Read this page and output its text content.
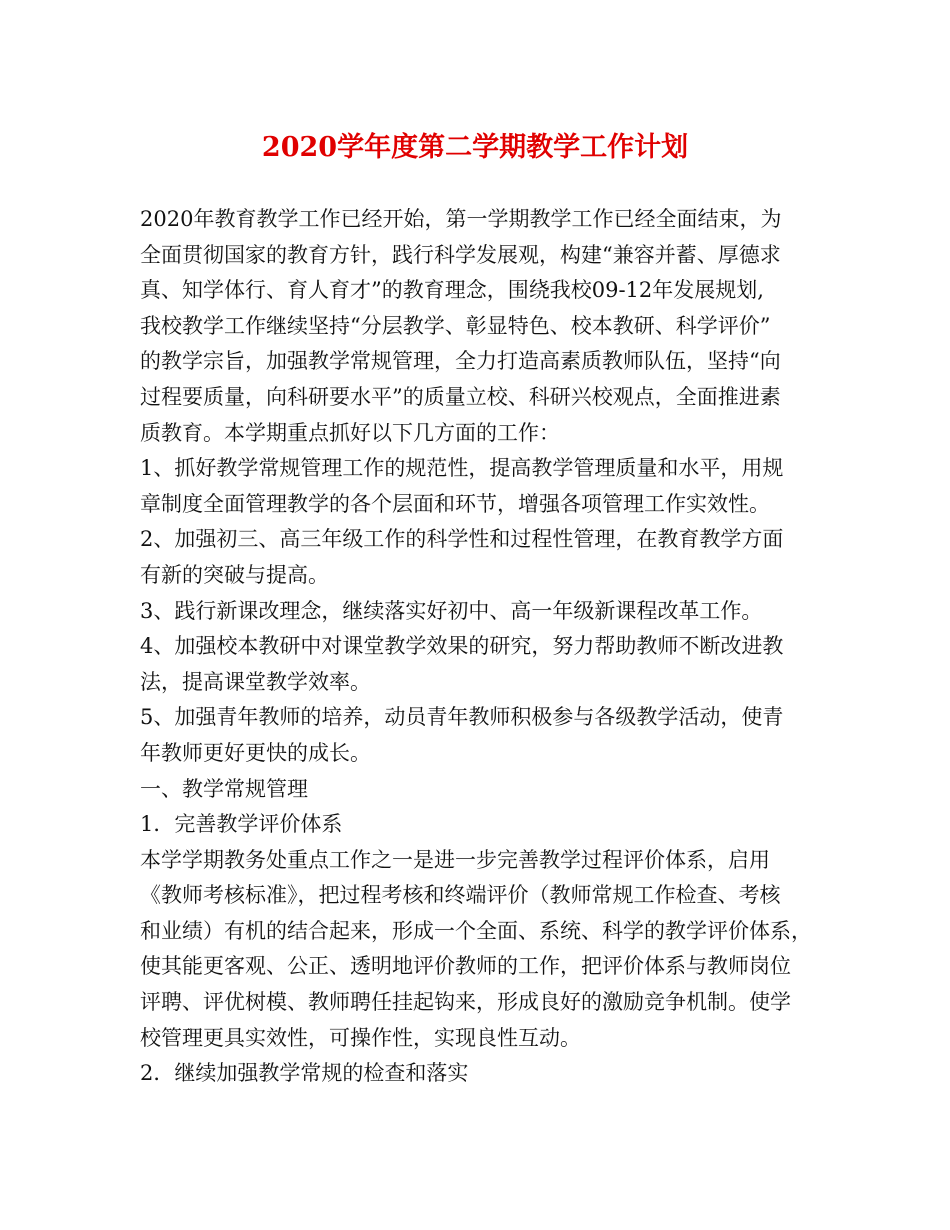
2020学年度第二学期教学工作计划
2020年教育教学工作已经开始，第一学期教学工作已经全面结束，为
全面贯彻国家的教育方针，践行科学发展观，构建“兼容并蓄、厚德求
真、知学体行、育人育才”的教育理念，围绕我校09-12年发展规划,
我校教学工作继续坚持“分层教学、彰显特色、校本教研、科学评价”
的教学宗旨，加强教学常规管理，全力打造高素质教师队伍，坚持“向
过程要质量，向科研要水平”的质量立校、科研兴校观点，全面推进素
质教育。本学期重点抓好以下几方面的工作：
1、抓好教学常规管理工作的规范性，提高教学管理质量和水平，用规
章制度全面管理教学的各个层面和环节，增强各项管理工作实效性。
2、加强初三、高三年级工作的科学性和过程性管理，在教育教学方面
有新的突破与提高。
3、践行新课改理念，继续落实好初中、高一年级新课程改革工作。
4、加强校本教研中对课堂教学效果的研究，努力帮助教师不断改进教
法，提高课堂教学效率。
5、加强青年教师的培养，动员青年教师积极参与各级教学活动，使青
年教师更好更快的成长。
一、教学常规管理
1．完善教学评价体系
本学学期教务处重点工作之一是进一步完善教学过程评价体系，启用
《教师考核标准》，把过程考核和终端评价（教师常规工作检查、考核
和业绩）有机的结合起来，形成一个全面、系统、科学的教学评价体系，
使其能更客观、公正、透明地评价教师的工作，把评价体系与教师岗位
评聘、评优树模、教师聘任挂起钩来，形成良好的激励竞争机制。使学
校管理更具实效性，可操作性，实现良性互动。
2．继续加强教学常规的检查和落实
